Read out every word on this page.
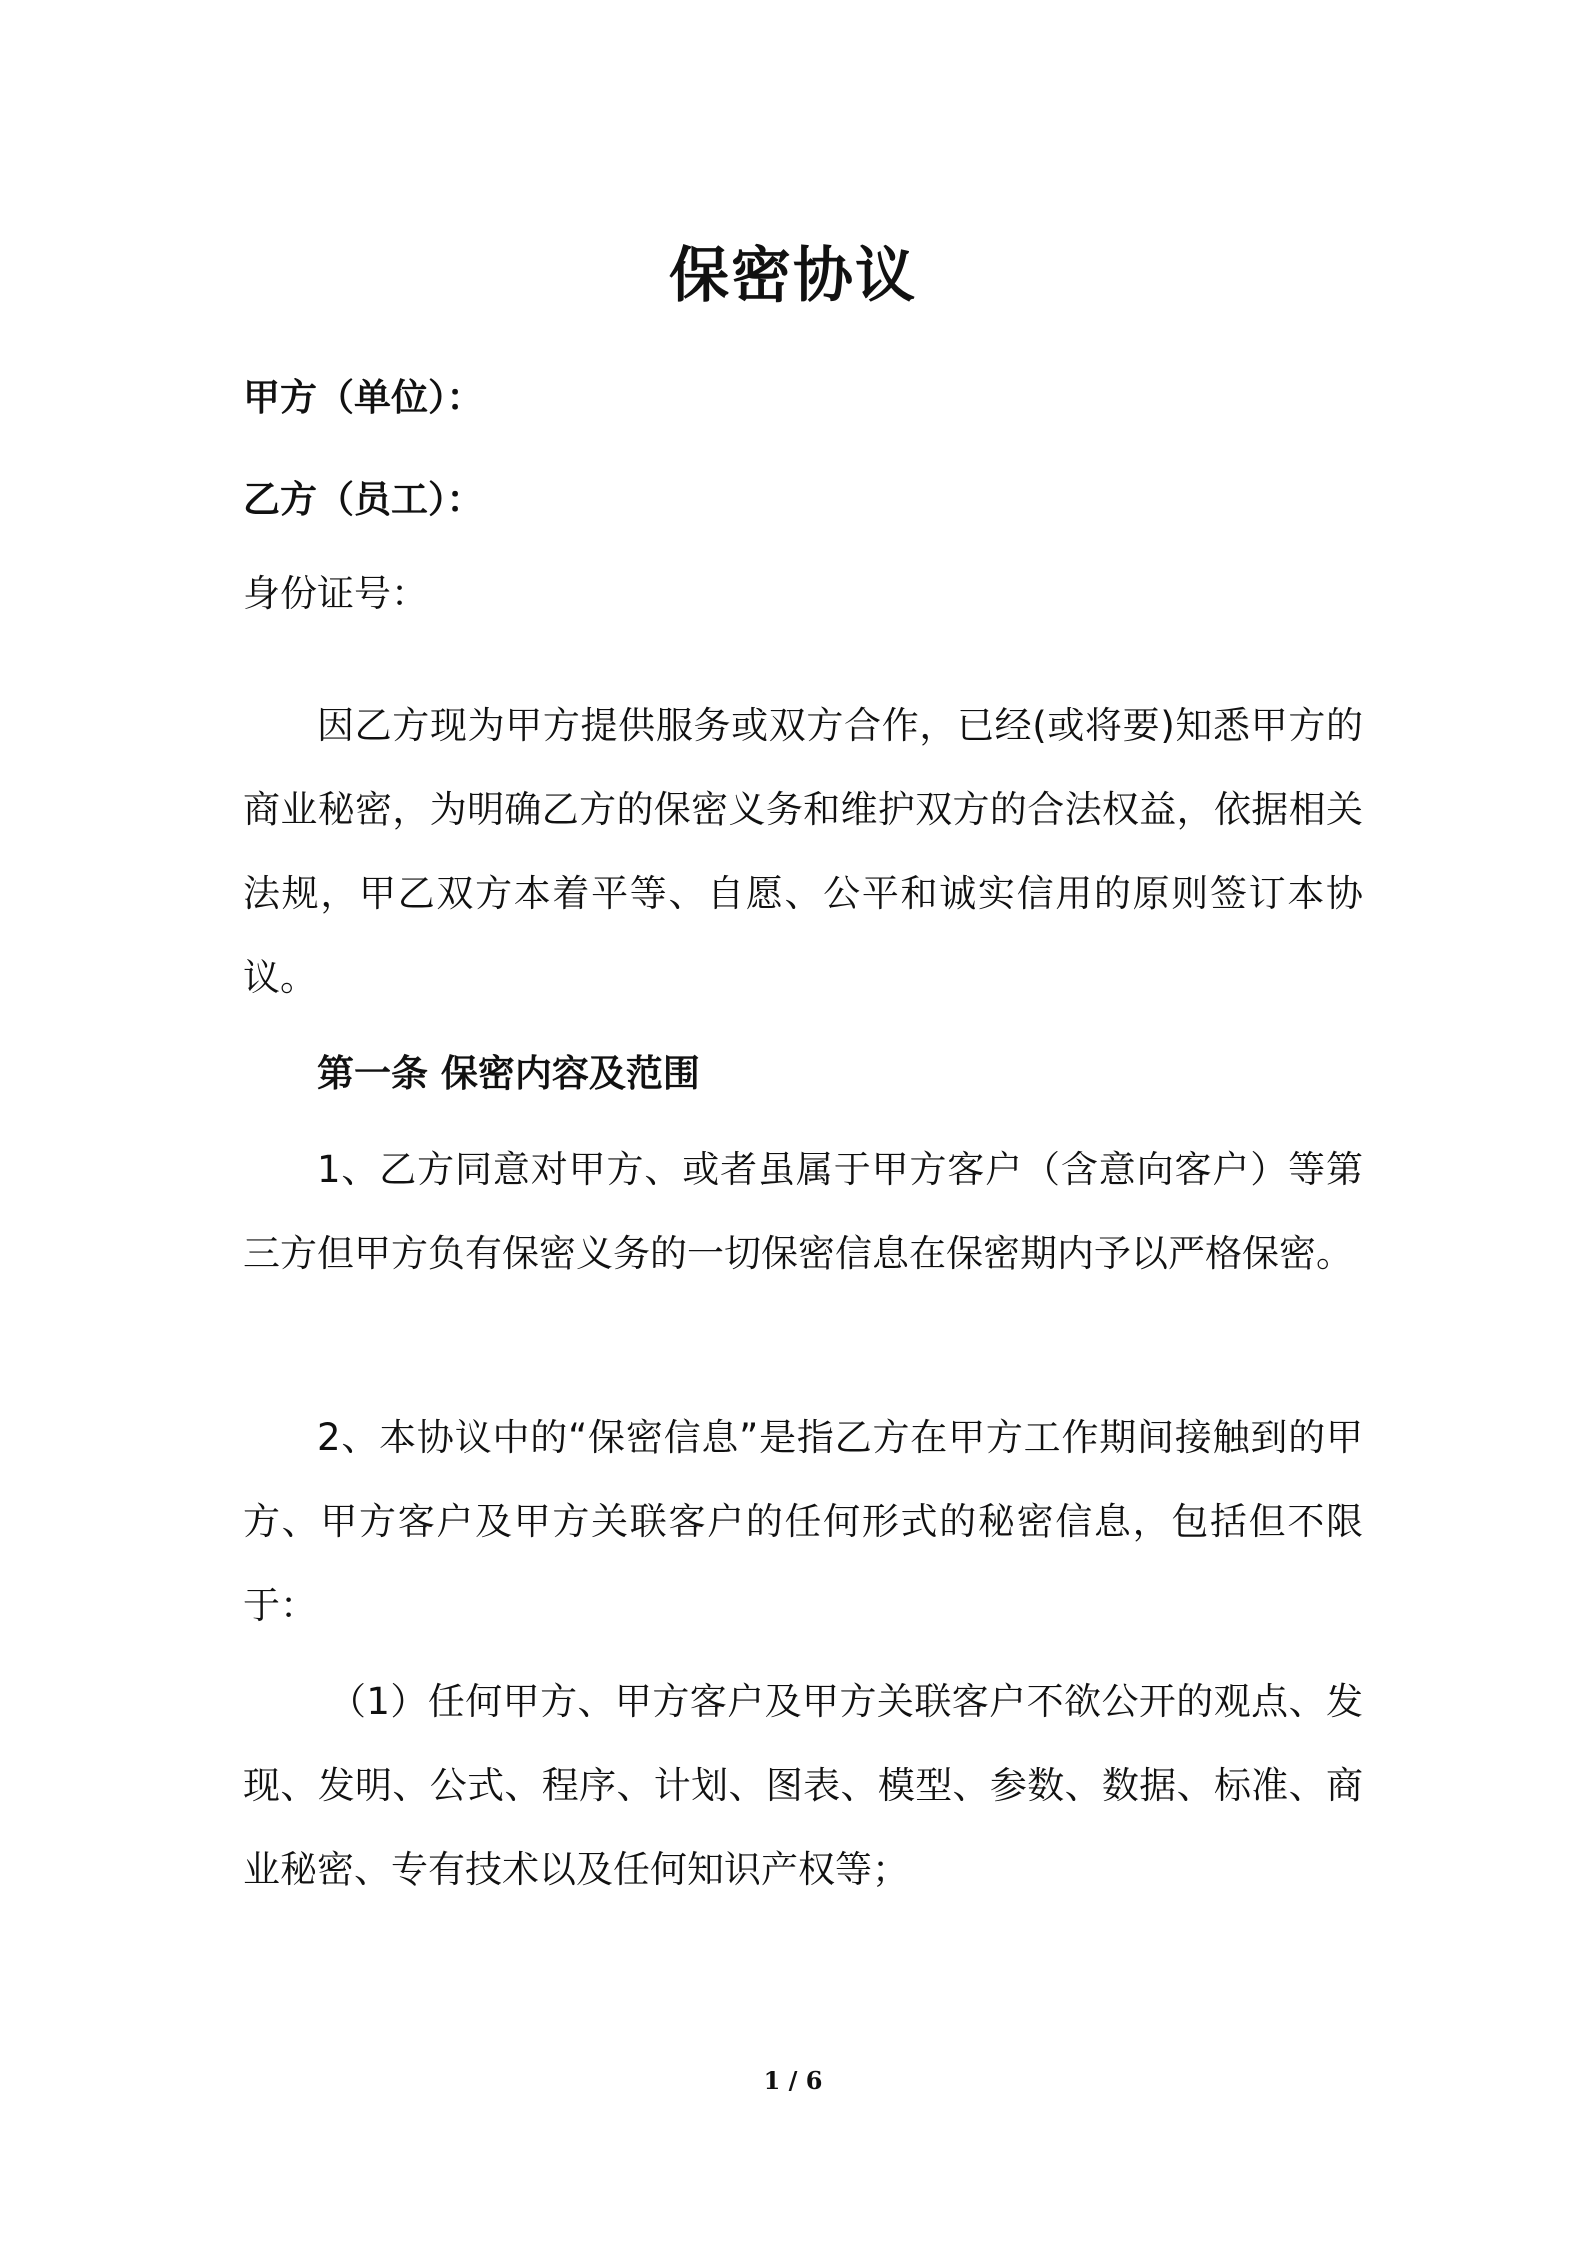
保密协议
甲方（单位）：
乙方（员工）：
身份证号：
因乙方现为甲方提供服务或双方合作，已经(或将要)知悉甲方的商业秘密，为明确乙方的保密义务和维护双方的合法权益，依据相关法规，甲乙双方本着平等、自愿、公平和诚实信用的原则签订本协议。
第一条 保密内容及范围
1、乙方同意对甲方、或者虽属于甲方客户（含意向客户）等第三方但甲方负有保密义务的一切保密信息在保密期内予以严格保密。
2、本协议中的“保密信息”是指乙方在甲方工作期间接触到的甲方、甲方客户及甲方关联客户的任何形式的秘密信息，包括但不限于：
（1）任何甲方、甲方客户及甲方关联客户不欲公开的观点、发现、发明、公式、程序、计划、图表、模型、参数、数据、标准、商业秘密、专有技术以及任何知识产权等；
1 / 6
